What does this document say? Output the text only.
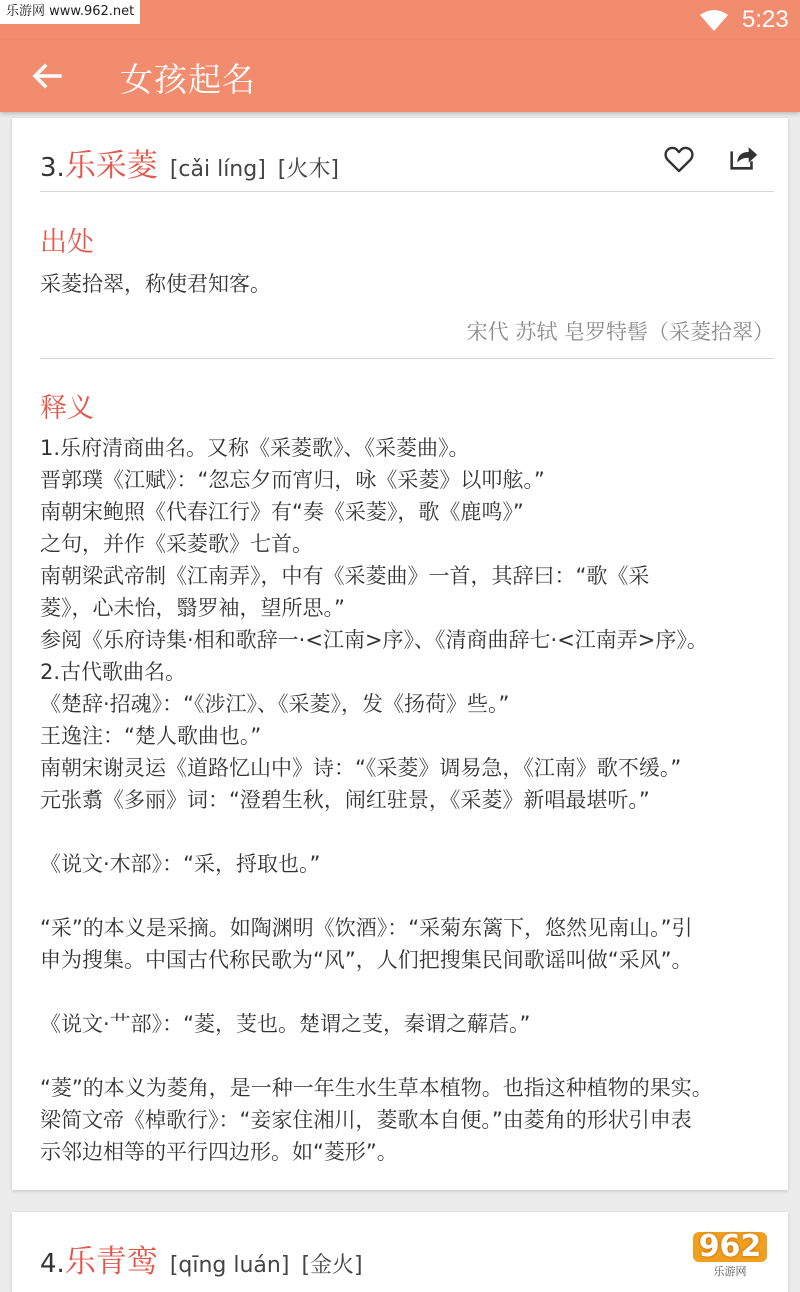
乐游网 www.962.net	5:23
女孩起名
3. 乐采菱 [cǎi líng] [火木]
出处
采菱拾翠，称使君知客。
宋代 苏轼 皂罗特髻（采菱拾翠）
释义
1.乐府清商曲名。又称《采菱歌》、《采菱曲》。
晋郭璞《江赋》：“忽忘夕而宵归，咏《采菱》以叩舷。”
南朝宋鲍照《代春江行》有“奏《采菱》，歌《鹿鸣》”
之句，并作《采菱歌》七首。
南朝梁武帝制《江南弄》，中有《采菱曲》一首，其辞曰：“歌《采
菱》，心未怡，翳罗袖，望所思。”
参阅《乐府诗集·相和歌辞一·<江南>序》、《清商曲辞七·<江南弄>序》。
2.古代歌曲名。
《楚辞·招魂》：“《涉江》、《采菱》，发《扬荷》些。”
王逸注：“楚人歌曲也。”
南朝宋谢灵运《道路忆山中》诗：“《采菱》调易急，《江南》歌不缓。”
元张翥《多丽》词：“澄碧生秋，闹红驻景，《采菱》新唱最堪听。”
《说文·木部》：“采，捋取也。”
“采”的本义是采摘。如陶渊明《饮酒》：“采菊东篱下，悠然见南山。”引
申为搜集。中国古代称民歌为“风”，人们把搜集民间歌谣叫做“采风”。
《说文·艹部》：“菱，芰也。楚谓之芰，秦谓之薢茩。”
“菱”的本义为菱角，是一种一年生水生草本植物。也指这种植物的果实。
梁简文帝《棹歌行》：“妾家住湘川，菱歌本自便。”由菱角的形状引申表
示邻边相等的平行四边形。如“菱形”。
4. 乐青鸾 [qīng luán] [金火]
962
乐游网
